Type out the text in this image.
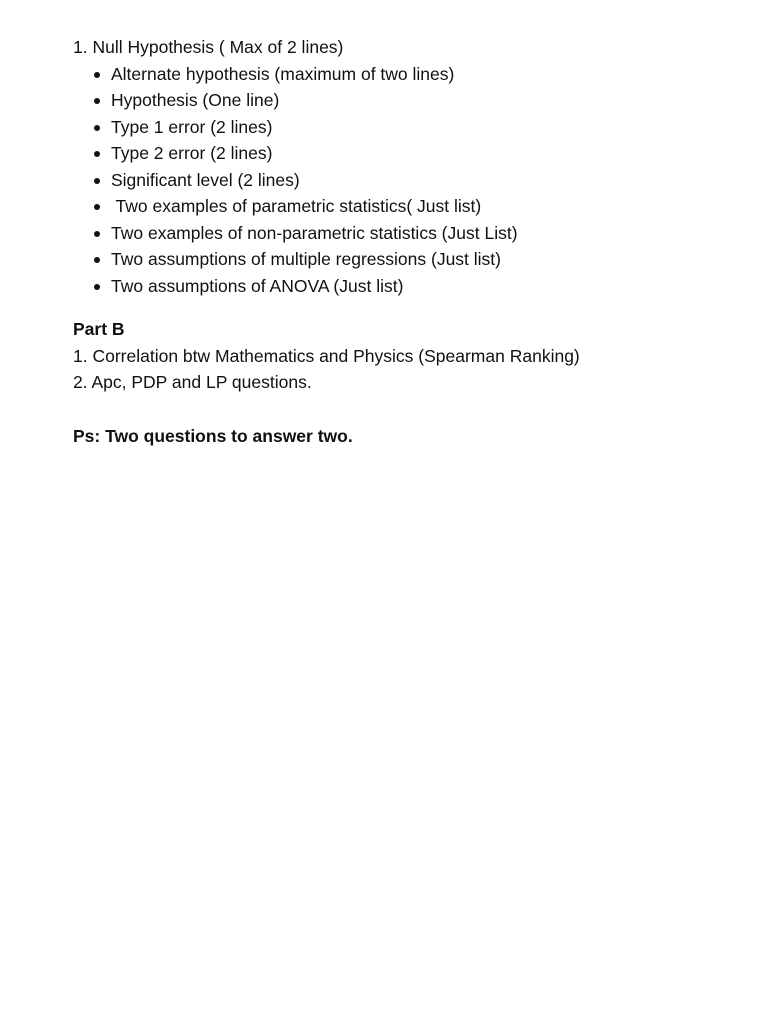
1. Null Hypothesis ( Max of 2 lines)
Alternate hypothesis (maximum of two lines)
Hypothesis (One line)
Type 1 error (2 lines)
Type 2 error (2 lines)
Significant level (2 lines)
Two examples of parametric statistics( Just list)
Two examples of non-parametric statistics (Just List)
Two assumptions of multiple regressions (Just list)
Two assumptions of ANOVA (Just list)
Part B
1. Correlation btw Mathematics and Physics (Spearman Ranking)
2. Apc, PDP and LP questions.
Ps: Two questions to answer two.
